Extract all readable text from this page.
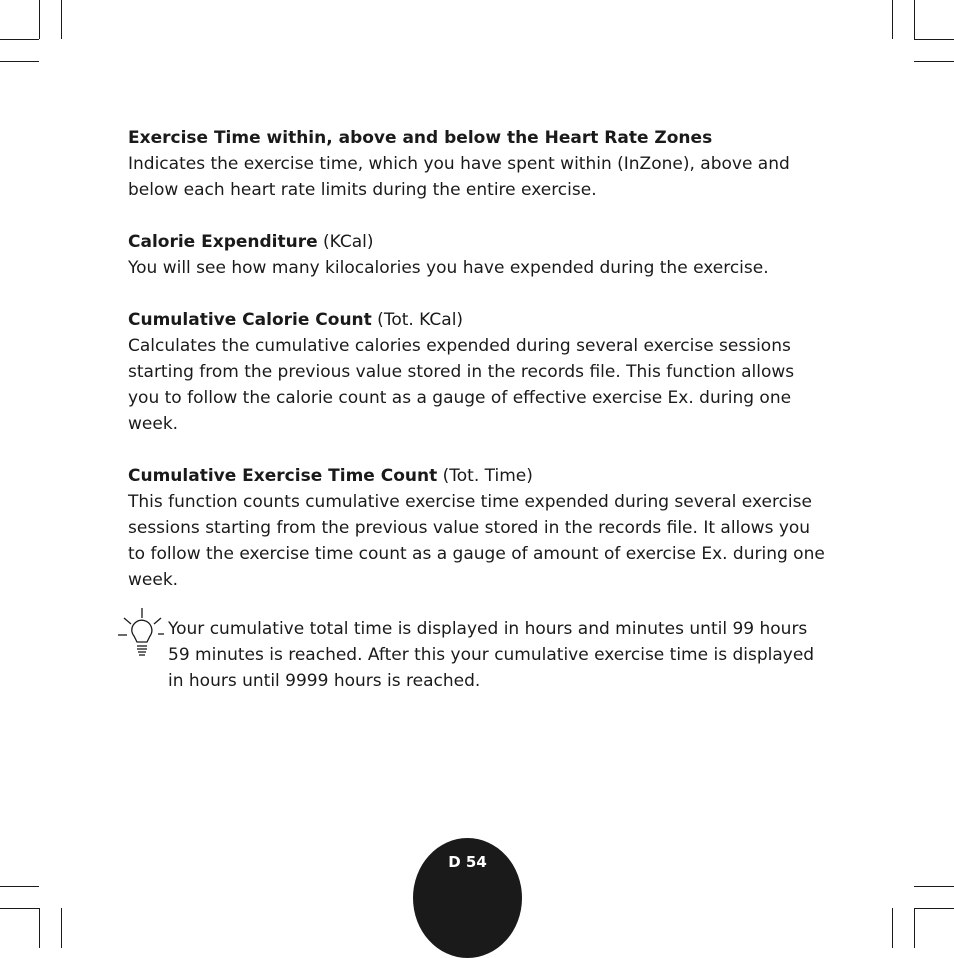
Exercise Time within, above and below the Heart Rate Zones

Indicates the exercise time, which you have spent within (InZone), above and below each heart rate limits during the entire exercise.

Calorie Expenditure (KCal)

You will see how many kilocalories you have expended during the exercise.

Cumulative Calorie Count (Tot. KCal)

Calculates the cumulative calories expended during several exercise sessions starting from the previous value stored in the records file. This function allows you to follow the calorie count as a gauge of effective exercise Ex. during one week.

Cumulative Exercise Time Count (Tot. Time)

This function counts cumulative exercise time expended during several exercise sessions starting from the previous value stored in the records file. It allows you to follow the exercise time count as a gauge of amount of exercise Ex. during one week.

Your cumulative total time is displayed in hours and minutes until 99 hours 59 minutes is reached. After this your cumulative exercise time is displayed in hours until 9999 hours is reached.

D 54
